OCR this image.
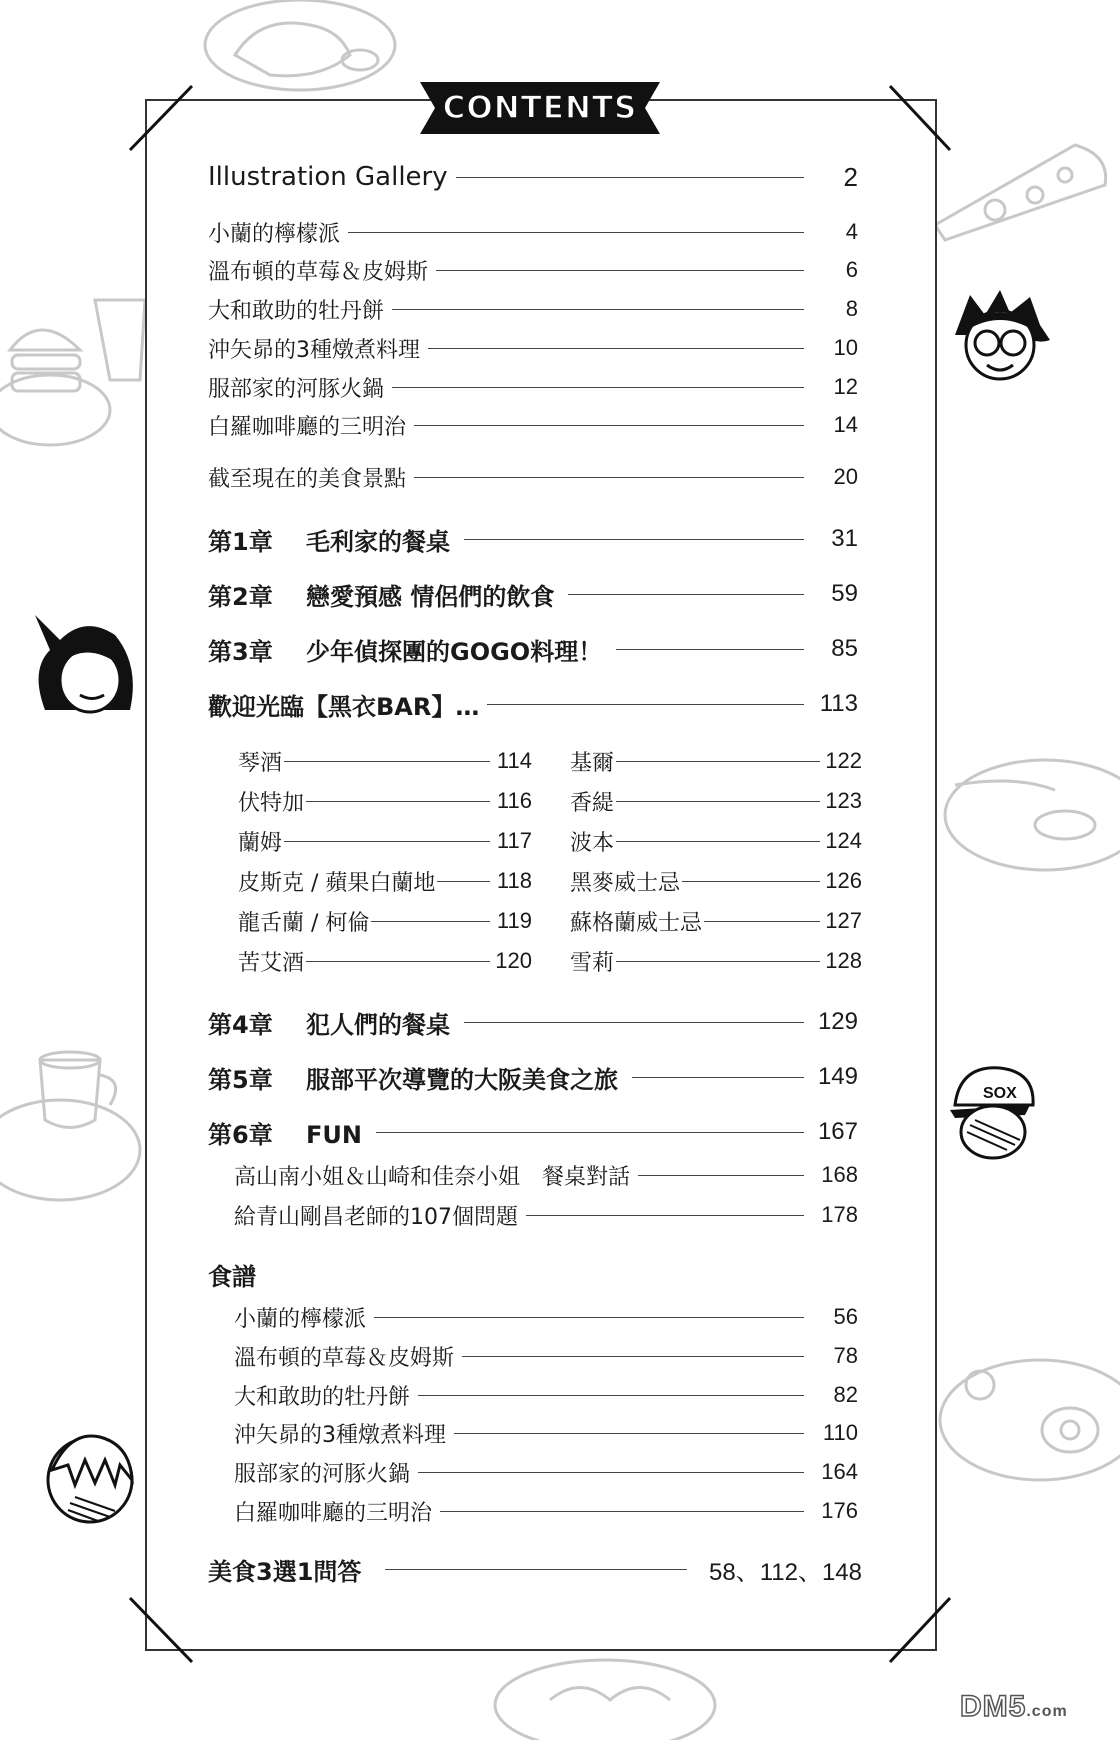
SOX
CONTENTS
Illustration Gallery	2
小蘭的檸檬派	4
溫布頓的草莓＆皮姆斯	6
大和敢助的牡丹餅	8
沖矢昴的3種燉煮料理	10
服部家的河豚火鍋	12
白羅咖啡廳的三明治	14
截至現在的美食景點	20
第1章 毛利家的餐桌	31
第2章 戀愛預感 情侶們的飲食	59
第3章 少年偵探團的GOGO料理！	85
歡迎光臨【黑衣BAR】…	113
琴酒	114
伏特加	116
蘭姆	117
皮斯克 / 蘋果白蘭地	118
龍舌蘭 / 柯倫	119
苦艾酒	120
基爾	122
香緹	123
波本	124
黑麥威士忌	126
蘇格蘭威士忌	127
雪莉	128
第4章 犯人們的餐桌	129
第5章 服部平次導覽的大阪美食之旅	149
第6章 FUN	167
高山南小姐＆山崎和佳奈小姐　餐桌對話	168
給青山剛昌老師的107個問題	178
食譜
小蘭的檸檬派	56
溫布頓的草莓＆皮姆斯	78
大和敢助的牡丹餅	82
沖矢昴的3種燉煮料理	110
服部家的河豚火鍋	164
白羅咖啡廳的三明治	176
美食3選1問答	58、112、148
DM5.com
